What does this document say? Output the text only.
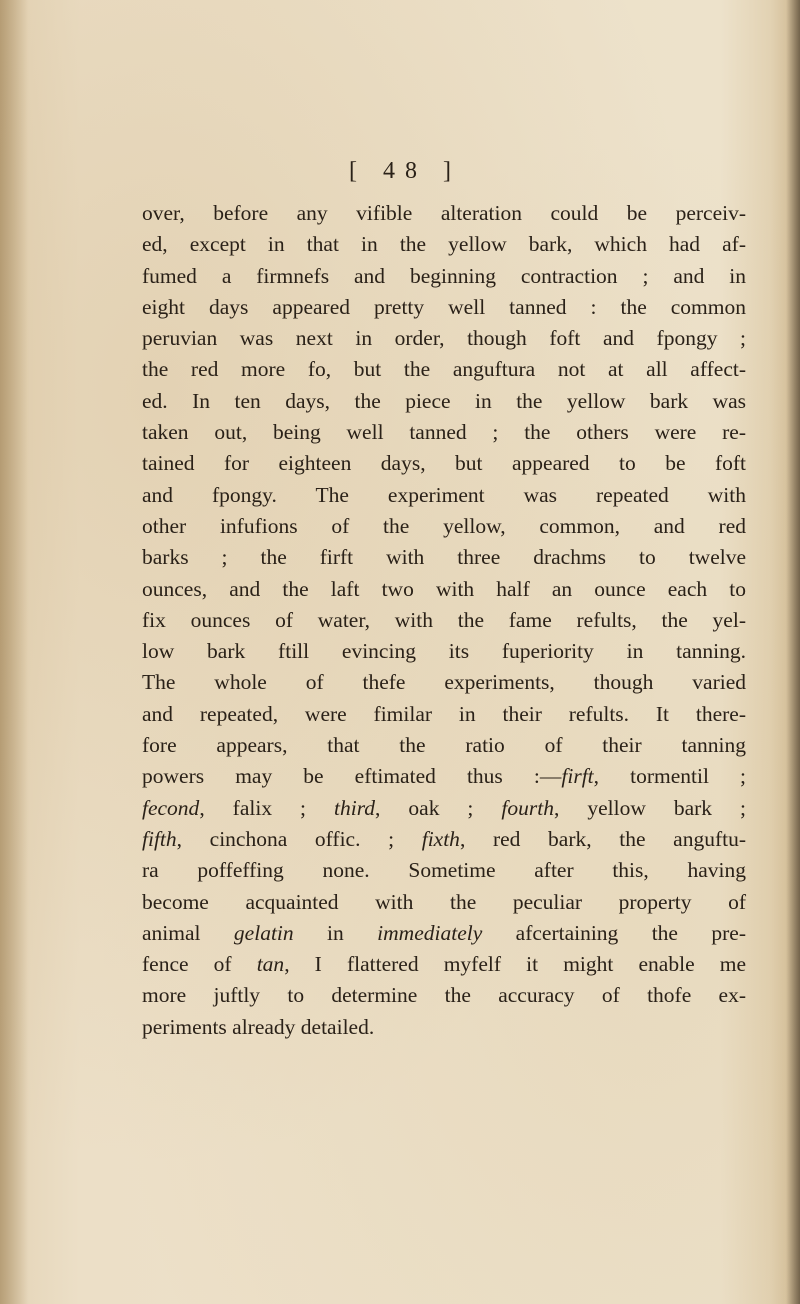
[ 48 ]
over, before any vifible alteration could be perceiv-
ed, except in that in the yellow bark, which had af-
fumed a firmnefs and beginning contraction ; and in
eight days appeared pretty well tanned : the common
peruvian was next in order, though foft and fpongy ;
the red more fo, but the anguftura not at all affect-
ed. In ten days, the piece in the yellow bark was
taken out, being well tanned ; the others were re-
tained for eighteen days, but appeared to be foft
and fpongy. The experiment was repeated with
other infufions of the yellow, common, and red
barks ; the firft with three drachms to twelve
ounces, and the laft two with half an ounce each to
fix ounces of water, with the fame refults, the yel-
low bark ftill evincing its fuperiority in tanning.
The whole of thefe experiments, though varied
and repeated, were fimilar in their refults. It there-
fore appears, that the ratio of their tanning
powers may be eftimated thus :—firft, tormentil ;
fecond, falix ; third, oak ; fourth, yellow bark ;
fifth, cinchona offic. ; fixth, red bark, the anguftu-
ra poffeffing none. Sometime after this, having
become acquainted with the peculiar property of
animal gelatin in immediately afcertaining the pre-
fence of tan, I flattered myfelf it might enable me
more juftly to determine the accuracy of thofe ex-
periments already detailed.
